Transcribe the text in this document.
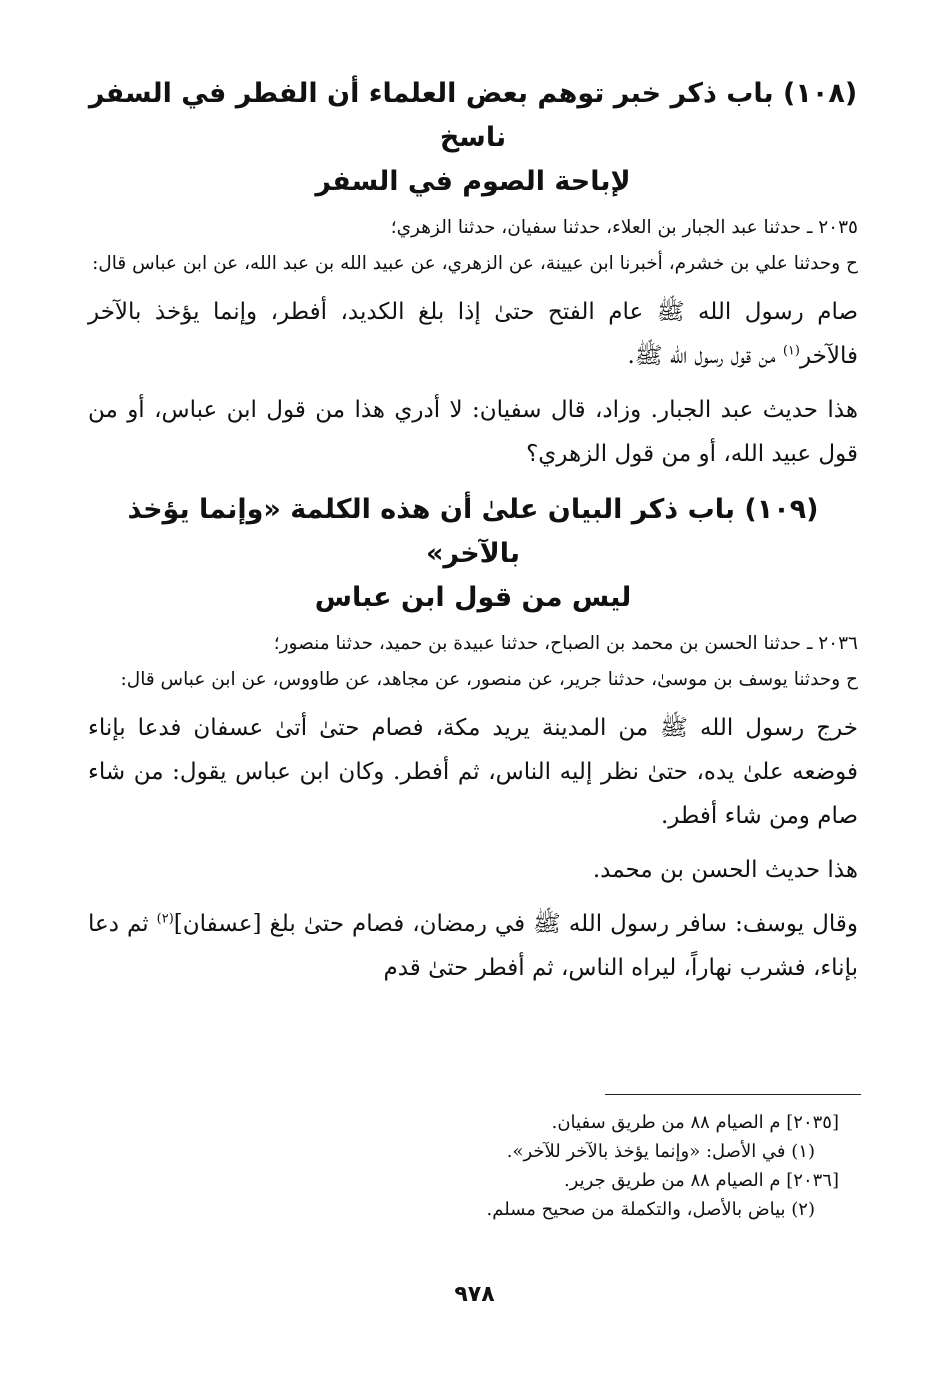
(١٠٨) باب ذكر خبر توهم بعض العلماء أن الفطر في السفر ناسخ
لإباحة الصوم في السفر
٢٠٣٥ ـ حدثنا عبد الجبار بن العلاء، حدثنا سفيان، حدثنا الزهري؛
ح وحدثنا علي بن خشرم، أخبرنا ابن عيينة، عن الزهري، عن عبيد الله بن عبد الله، عن ابن عباس قال:
صام رسول الله ﷺ عام الفتح حتىٰ إذا بلغ الكديد، أفطر، وإنما يؤخذ بالآخر فالآخر$^{(١)}$ من قول رسول الله ﷺ.
هذا حديث عبد الجبار. وزاد، قال سفيان: لا أدري هذا من قول ابن عباس، أو من قول عبيد الله، أو من قول الزهري؟
(١٠٩) باب ذكر البيان علىٰ أن هذه الكلمة «وإنما يؤخذ بالآخر»
ليس من قول ابن عباس
٢٠٣٦ ـ حدثنا الحسن بن محمد بن الصباح، حدثنا عبيدة بن حميد، حدثنا منصور؛
ح وحدثنا يوسف بن موسىٰ، حدثنا جرير، عن منصور، عن مجاهد، عن طاووس، عن ابن عباس قال:
خرج رسول الله ﷺ من المدينة يريد مكة، فصام حتىٰ أتىٰ عسفان فدعا بإناء فوضعه علىٰ يده، حتىٰ نظر إليه الناس، ثم أفطر. وكان ابن عباس يقول: من شاء صام ومن شاء أفطر.
هذا حديث الحسن بن محمد.
وقال يوسف: سافر رسول الله ﷺ في رمضان، فصام حتىٰ بلغ [عسفان]$^{(٢)}$ ثم دعا بإناء، فشرب نهاراً، ليراه الناس، ثم أفطر حتىٰ قدم
[٢٠٣٥] م الصيام ٨٨ من طريق سفيان.
(١) في الأصل: «وإنما يؤخذ بالآخر للآخر».
[٢٠٣٦] م الصيام ٨٨ من طريق جرير.
(٢) بياض بالأصل، والتكملة من صحيح مسلم.
٩٧٨
